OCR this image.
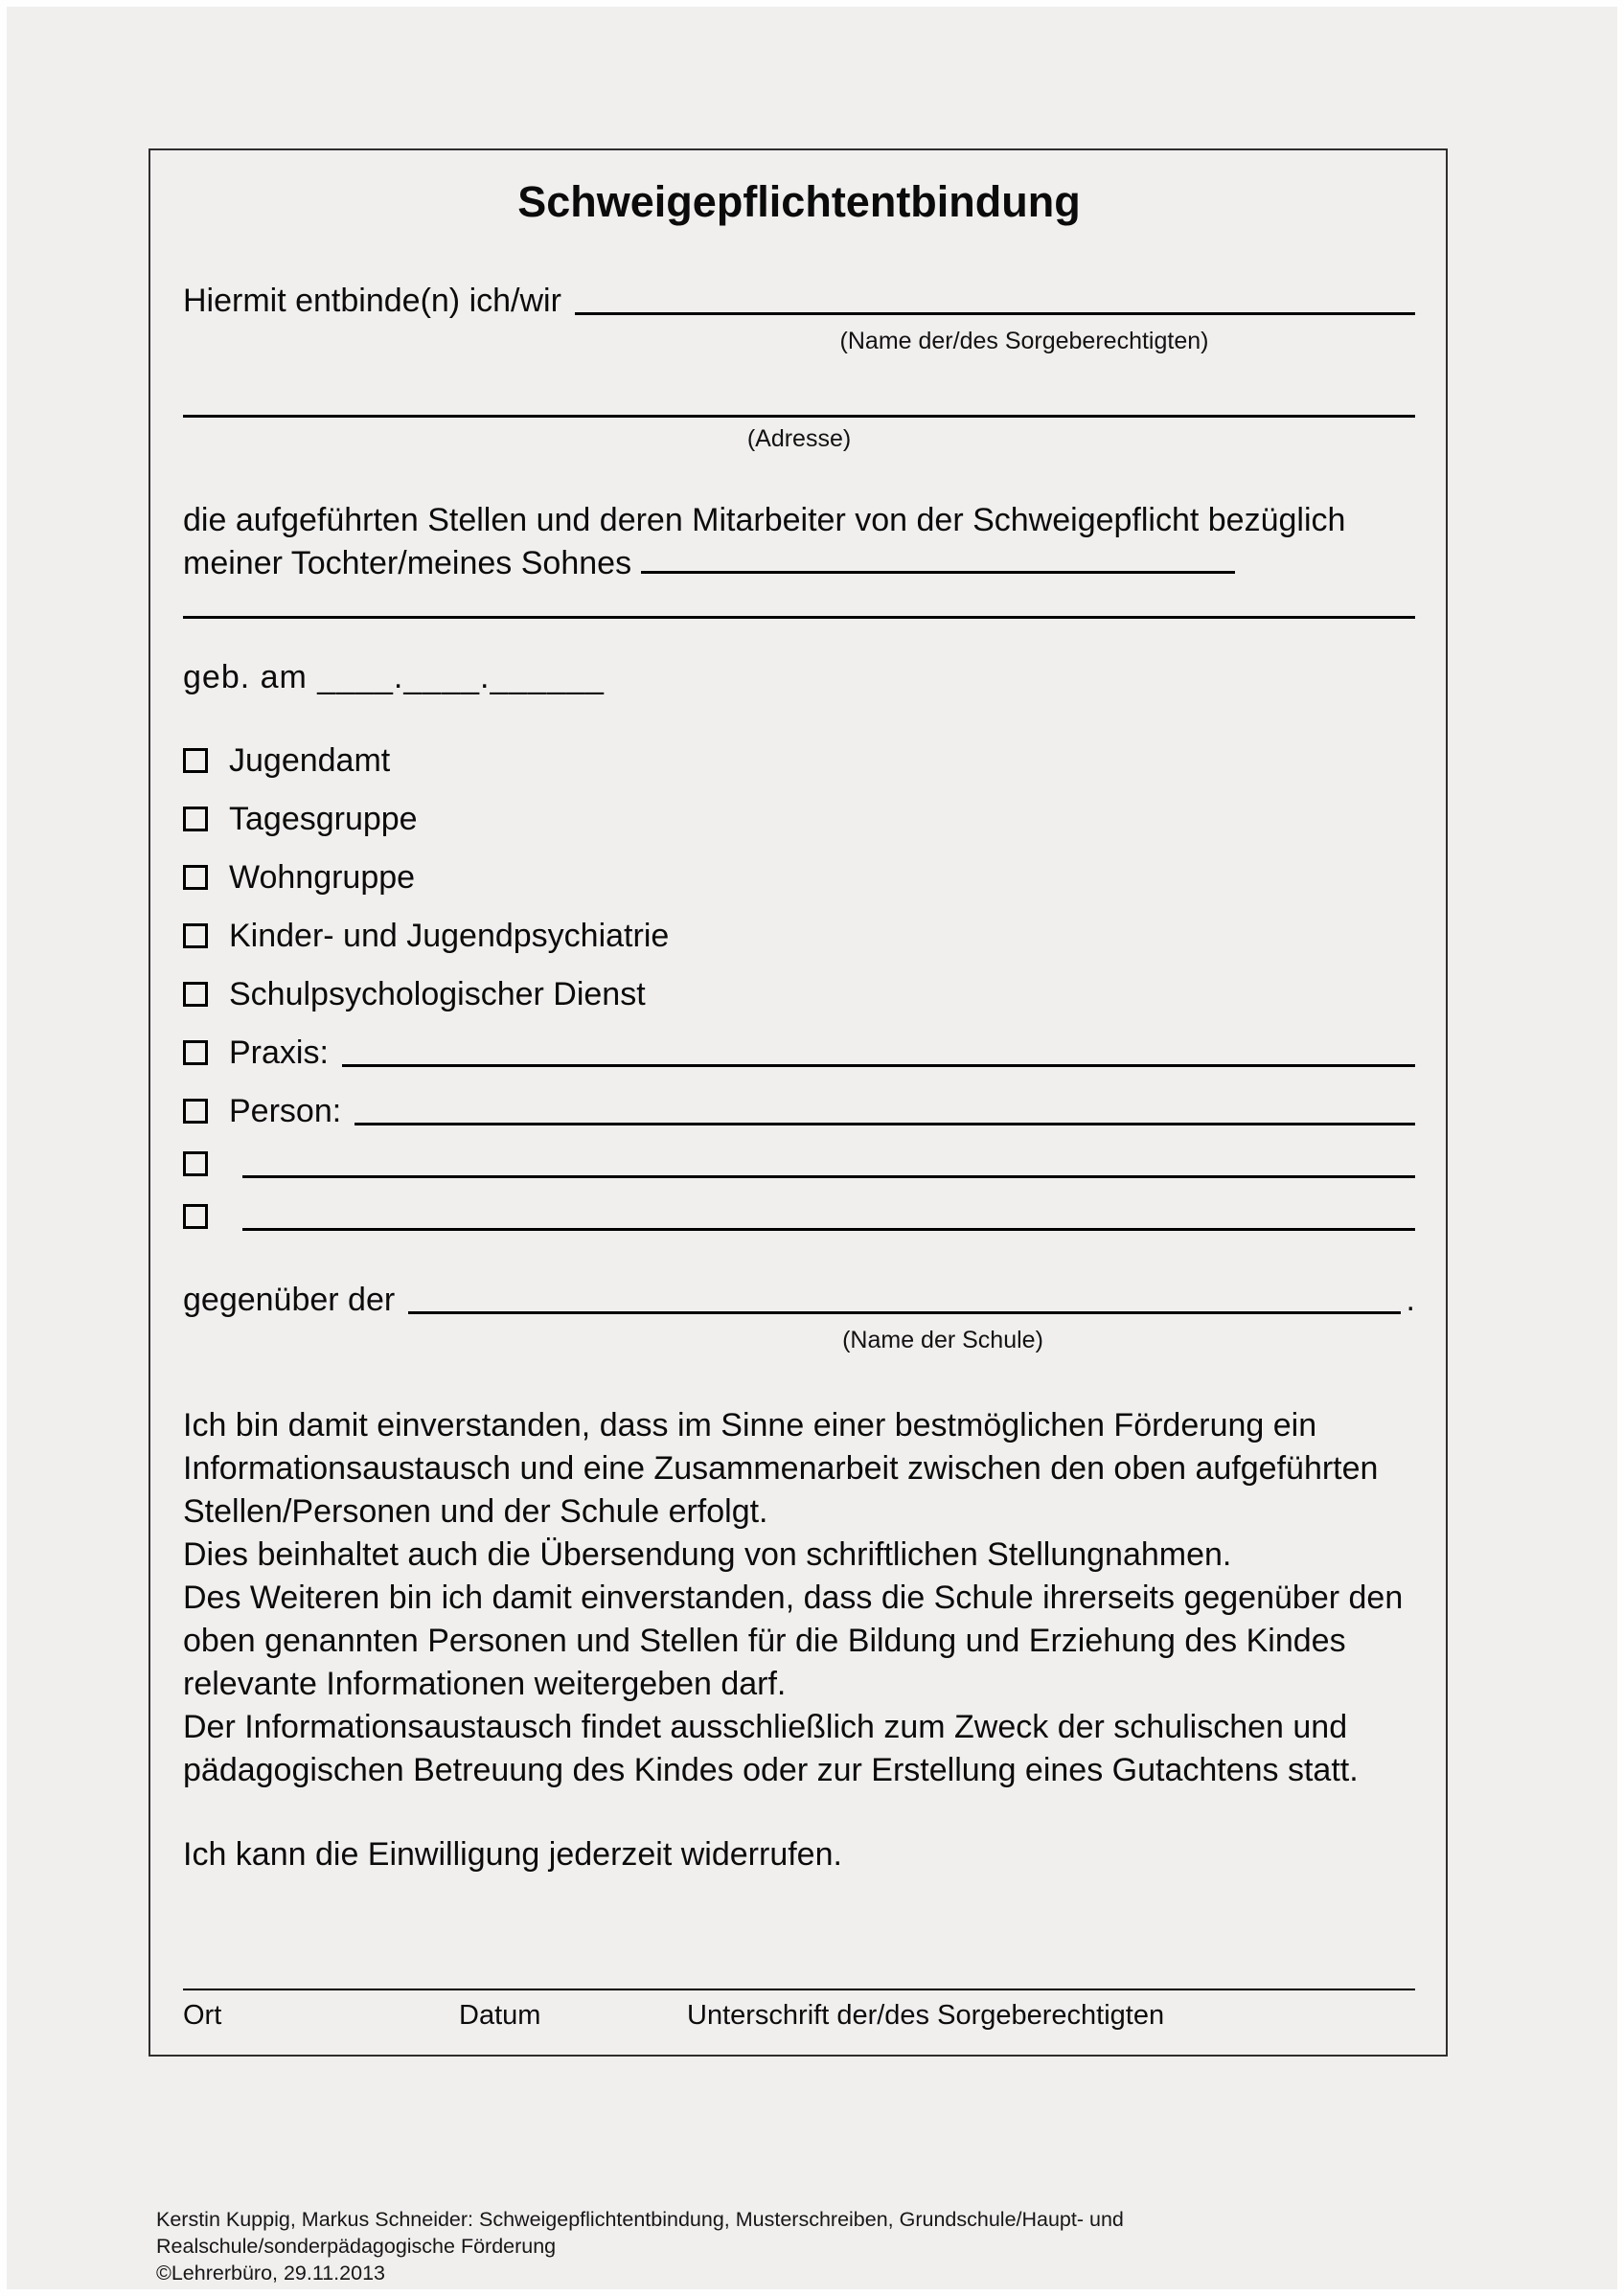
Schweigepflichtentbindung
Hiermit entbinde(n) ich/wir
(Name der/des Sorgeberechtigten)
(Adresse)
die aufgeführten Stellen und deren Mitarbeiter von der Schweigepflicht bezüglich meiner Tochter/meines Sohnes
geb. am ____.____.______
Jugendamt
Tagesgruppe
Wohngruppe
Kinder- und Jugendpsychiatrie
Schulpsychologischer Dienst
Praxis:
Person:
gegenüber der	.
(Name der Schule)

Ich bin damit einverstanden, dass im Sinne einer bestmöglichen Förderung ein Informationsaustausch und eine Zusammenarbeit zwischen den oben aufgeführten Stellen/Personen und der Schule erfolgt.

Dies beinhaltet auch die Übersendung von schriftlichen Stellungnahmen.

Des Weiteren bin ich damit einverstanden, dass die Schule ihrerseits gegenüber den oben genannten Personen und Stellen für die Bildung und Erziehung des Kindes relevante Informationen weitergeben darf.

Der Informationsaustausch findet ausschließlich zum Zweck der schulischen und pädagogischen Betreuung des Kindes oder zur Erstellung eines Gutachtens statt.

Ich kann die Einwilligung jederzeit widerrufen.
Ort	Datum	Unterschrift der/des Sorgeberechtigten
Kerstin Kuppig, Markus Schneider: Schweigepflichtentbindung, Musterschreiben, Grundschule/Haupt- und
Realschule/sonderpädagogische Förderung
©Lehrerbüro, 29.11.2013
